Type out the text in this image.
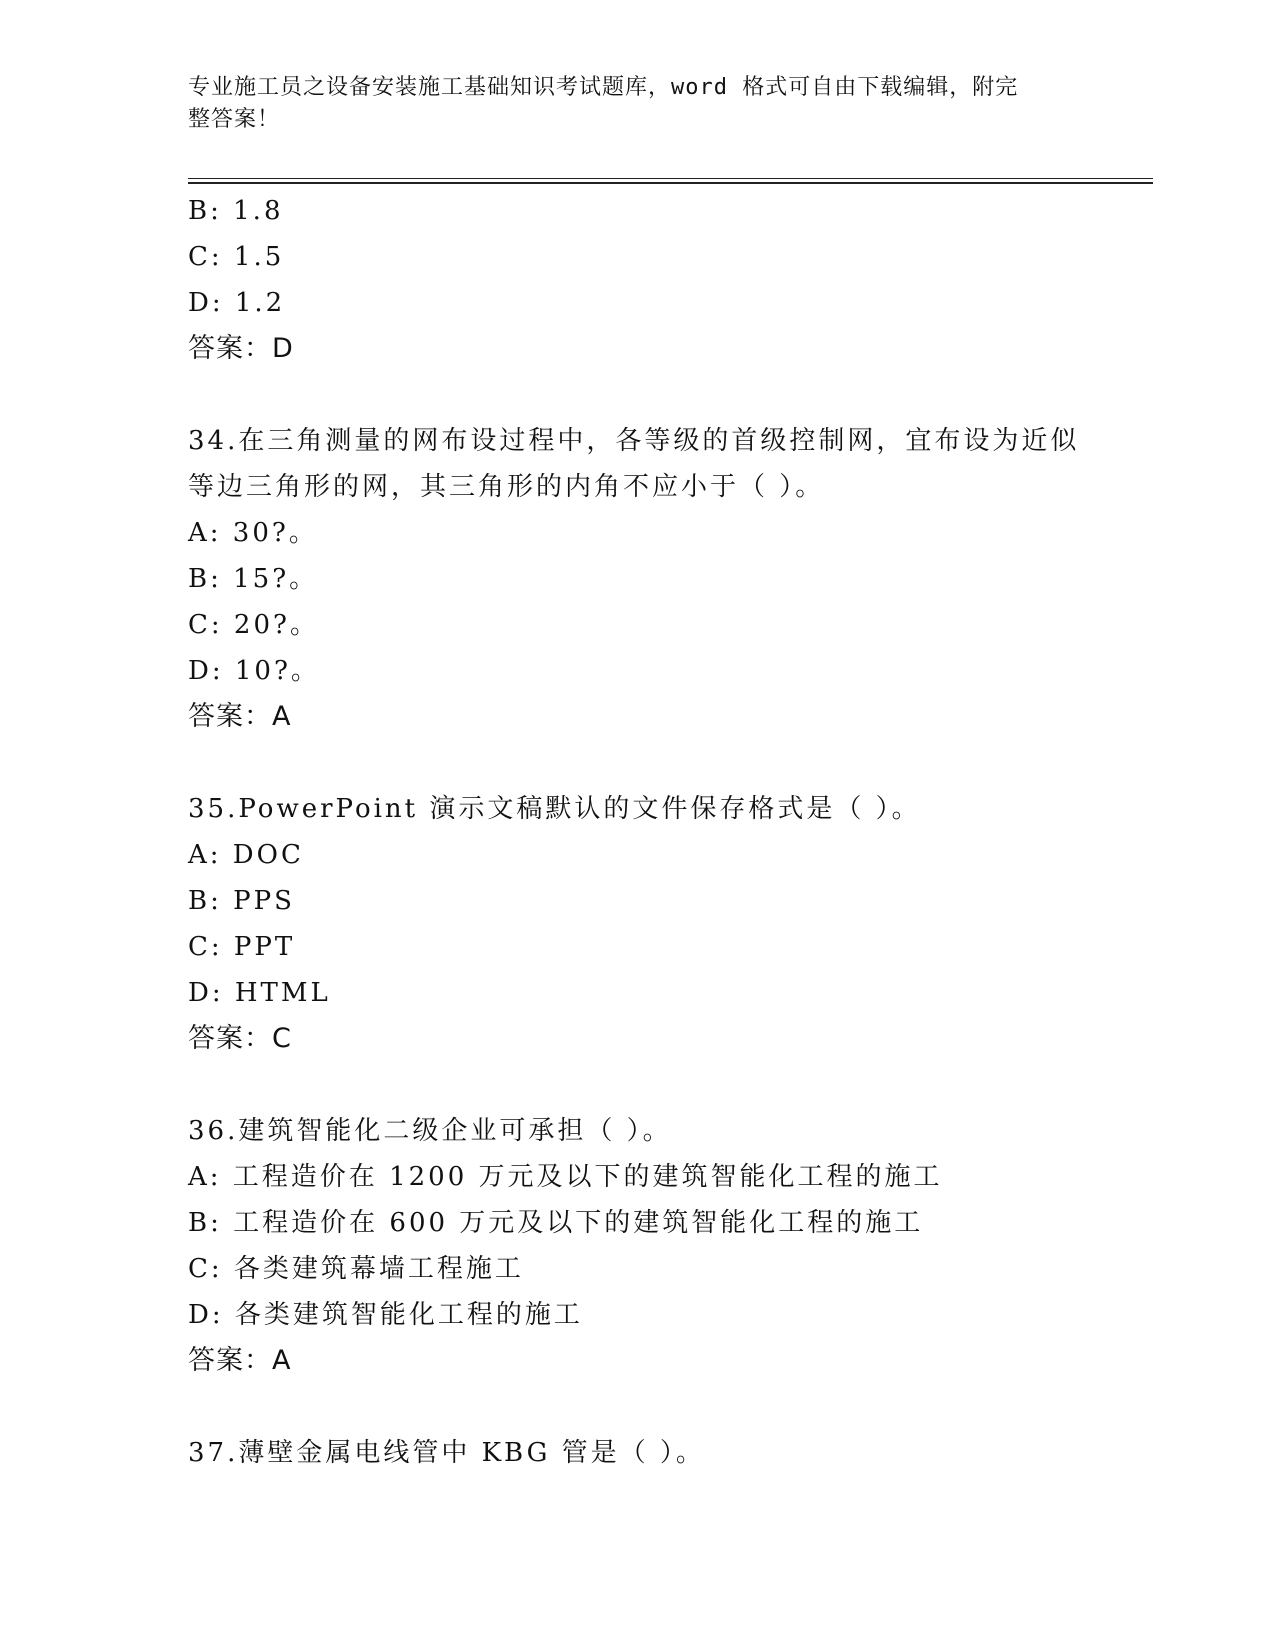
专业施工员之设备安装施工基础知识考试题库，word 格式可自由下载编辑，附完
整答案！
B: 1.8
C: 1.5
D: 1.2
答案：D
34.在三角测量的网布设过程中，各等级的首级控制网，宜布设为近似
等边三角形的网，其三角形的内角不应小于（ ）。
A: 30?。
B: 15?。
C: 20?。
D: 10?。
答案：A
35.PowerPoint 演示文稿默认的文件保存格式是（ ）。
A: DOC
B: PPS
C: PPT
D: HTML
答案：C
36.建筑智能化二级企业可承担（ ）。
A: 工程造价在 1200 万元及以下的建筑智能化工程的施工
B: 工程造价在 600 万元及以下的建筑智能化工程的施工
C: 各类建筑幕墙工程施工
D: 各类建筑智能化工程的施工
答案：A
37.薄壁金属电线管中 KBG 管是（ ）。
